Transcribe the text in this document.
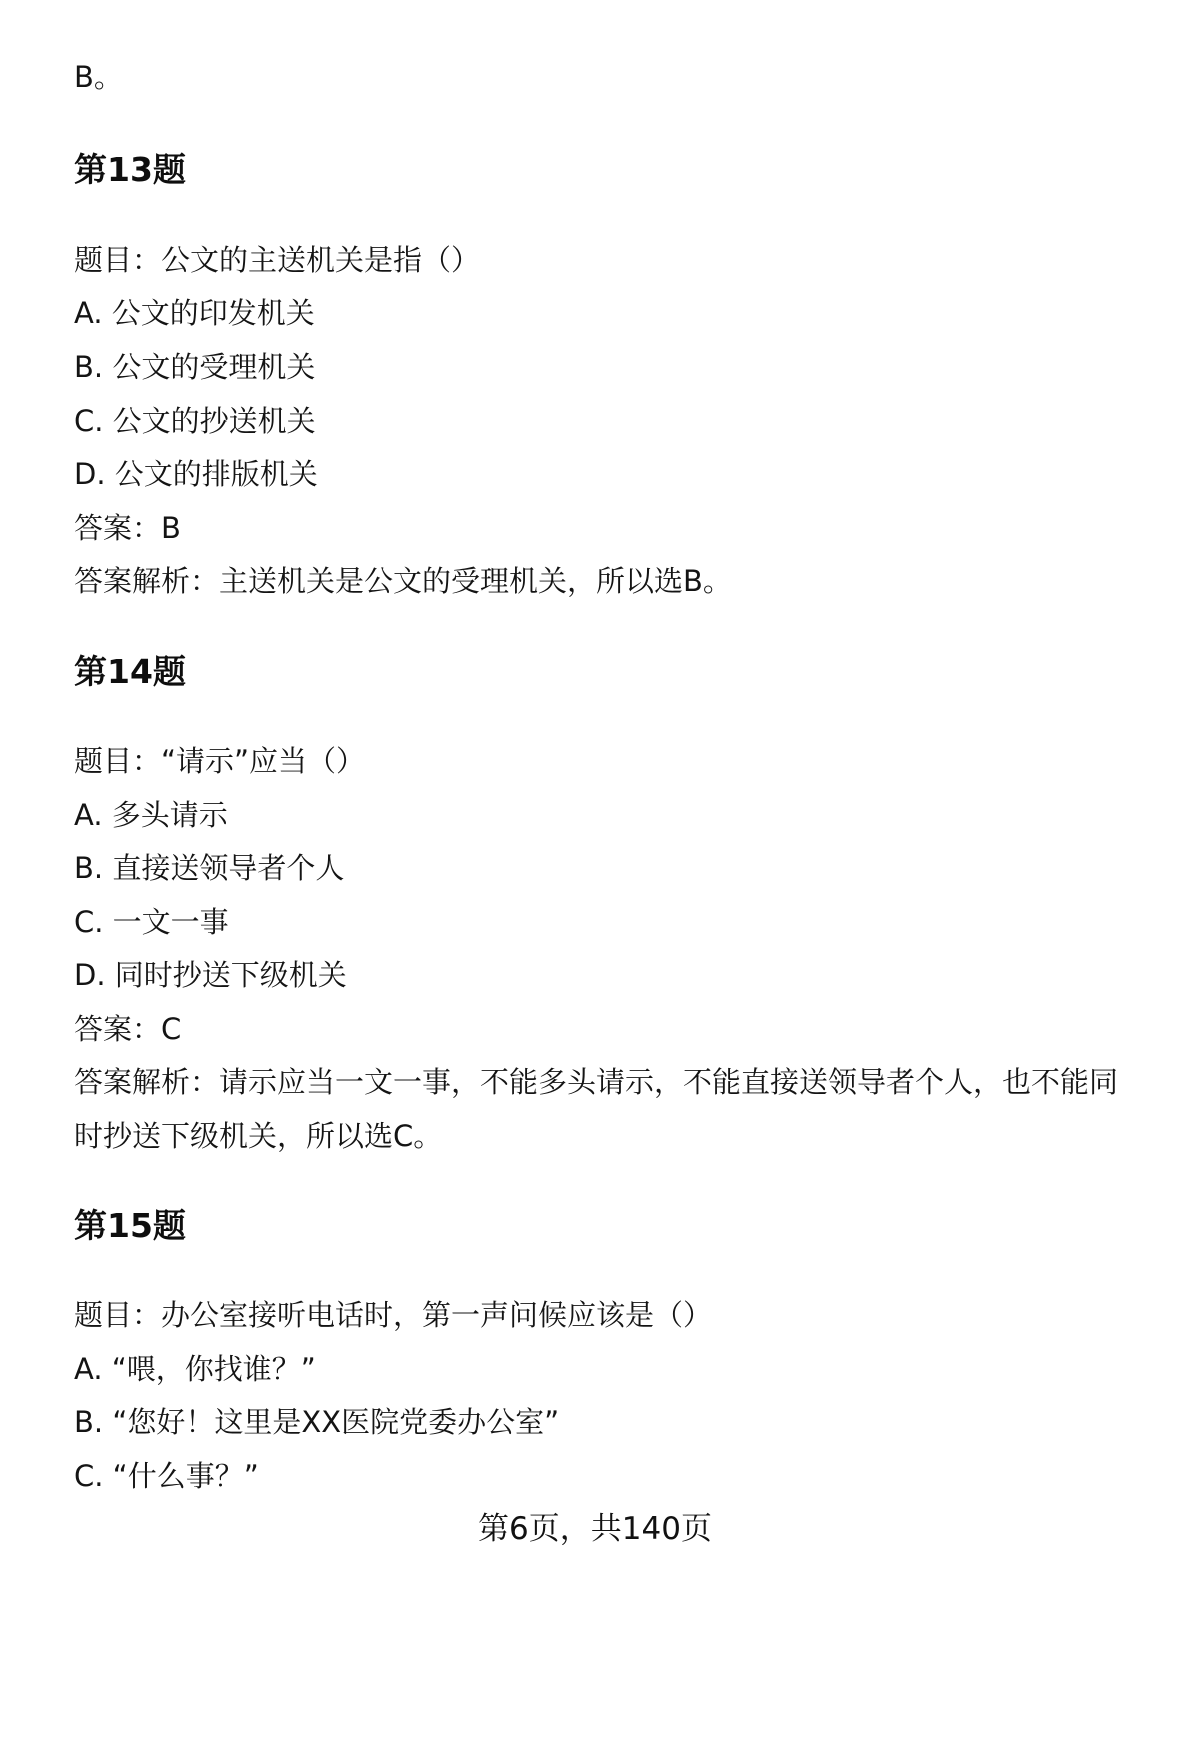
B。
第13题
题目：公文的主送机关是指（）
A. 公文的印发机关
B. 公文的受理机关
C. 公文的抄送机关
D. 公文的排版机关
答案：B
答案解析：主送机关是公文的受理机关，所以选B。
第14题
题目：“请示”应当（）
A. 多头请示
B. 直接送领导者个人
C. 一文一事
D. 同时抄送下级机关
答案：C
答案解析：请示应当一文一事，不能多头请示，不能直接送领导者个人，也不能同
时抄送下级机关，所以选C。
第15题
题目：办公室接听电话时，第一声问候应该是（）
A. “喂，你找谁？”
B. “您好！这里是XX医院党委办公室”
C. “什么事？”
第6页，共140页
